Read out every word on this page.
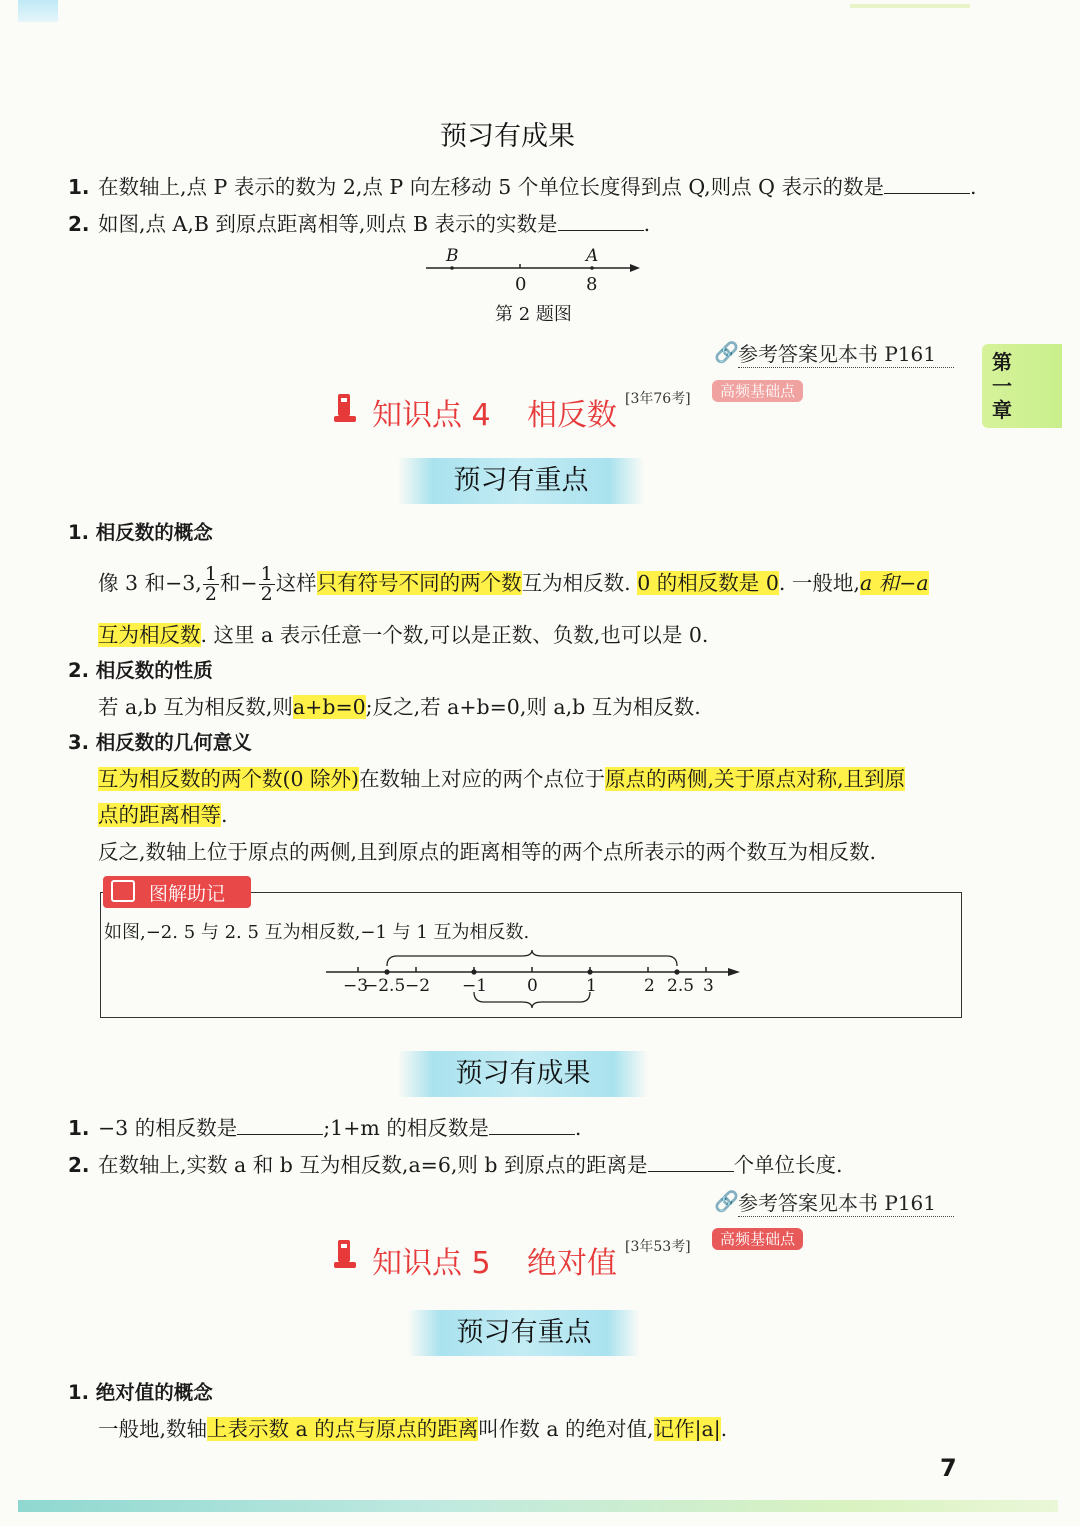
预习有成果
1. 在数轴上,点 P 表示的数为 2,点 P 向左移动 5 个单位长度得到点 Q,则点 Q 表示的数是	.
2. 如图,点 A,B 到原点距离相等,则点 B 表示的实数是	.
B	A
0	8
第 2 题图
🔗 参考答案见本书 P161	第
一
章
知识点 4 相反数 [3年76考]	高频基础点
预习有重点
1. 相反数的概念
像 3 和−3, $\frac{1}{2}$ 和− $\frac{1}{2}$ 这样只有符号不同的两个数互为相反数. 0 的相反数是 0. 一般地,a 和−a
互为相反数. 这里 a 表示任意一个数,可以是正数、负数,也可以是 0.
2. 相反数的性质
若 a,b 互为相反数,则a+b=0;反之,若 a+b=0,则 a,b 互为相反数.
3. 相反数的几何意义
互为相反数的两个数(0 除外)在数轴上对应的两个点位于原点的两侧,关于原点对称,且到原
点的距离相等.
反之,数轴上位于原点的两侧,且到原点的距离相等的两个点所表示的两个数互为相反数.
图解助记
如图,−2. 5 与 2. 5 互为相反数,−1 与 1 互为相反数.
−3
−2.5 −2 −1 0	1	2 2.5 3
预习有成果
1. −3 的相反数是	;1+m 的相反数是	.
2. 在数轴上,实数 a 和 b 互为相反数,a=6,则 b 到原点的距离是	个单位长度.
🔗 参考答案见本书 P161
知识点 5 绝对值 [3年53考]	高频基础点
预习有重点
1. 绝对值的概念
一般地,数轴上表示数 a 的点与原点的距离叫作数 a 的绝对值,记作|a|.
7
